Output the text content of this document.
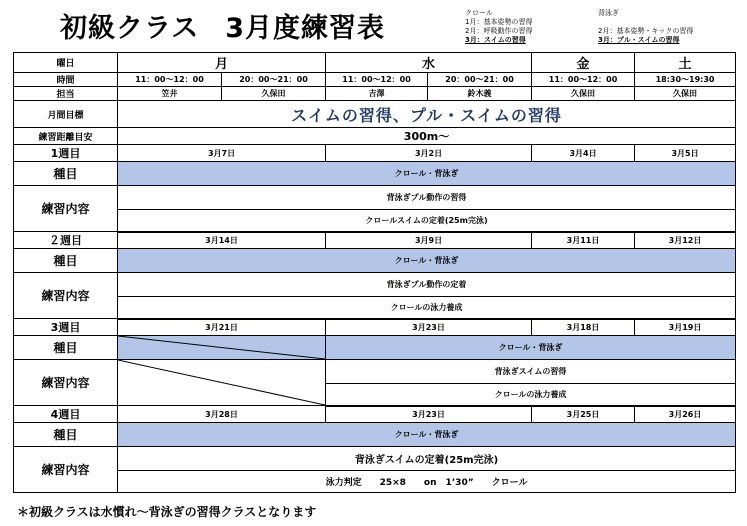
初級クラス 3月度練習表	クロール
1月：基本姿勢の習得
2月：呼吸動作の習得
3月：スイムの習得
背泳ぎ

2月：基本姿勢・キックの習得
3月：プル・スイムの習得
曜日	月		水		金	土
時間	11：00～12：00	20：00～21：00	11：00～12：00	20：00～21：00	11：00～12：00	18:30～19:30
担当	笠井	久保田	吉澤	鈴木義	久保田	久保田
月間目標	スイムの習得、プル・スイムの習得					
練習距離目安	300m～					
1週目	3月7日		3月2日		3月4日	3月5日
種目	クロール・背泳ぎ					
練習内容	背泳ぎプル動作の習得					
	クロールスイムの定着(25m完泳)					
２週目	3月14日		3月9日		3月11日	3月12日
種目	クロール・背泳ぎ					
練習内容	背泳ぎプル動作の定着					
	クロールの泳力養成					
3週目	3月21日		3月23日		3月18日	3月19日
種目			クロール・背泳ぎ			
練習内容			背泳ぎスイムの習得			
			クロールの泳力養成			
4週目	3月28日		3月23日		3月25日	3月26日
種目	クロール・背泳ぎ					
練習内容	背泳ぎスイムの定着(25m完泳)					
	泳力判定　　25×8　　on　1’30”　　クロール					
＊初級クラスは水慣れ～背泳ぎの習得クラスとなります
